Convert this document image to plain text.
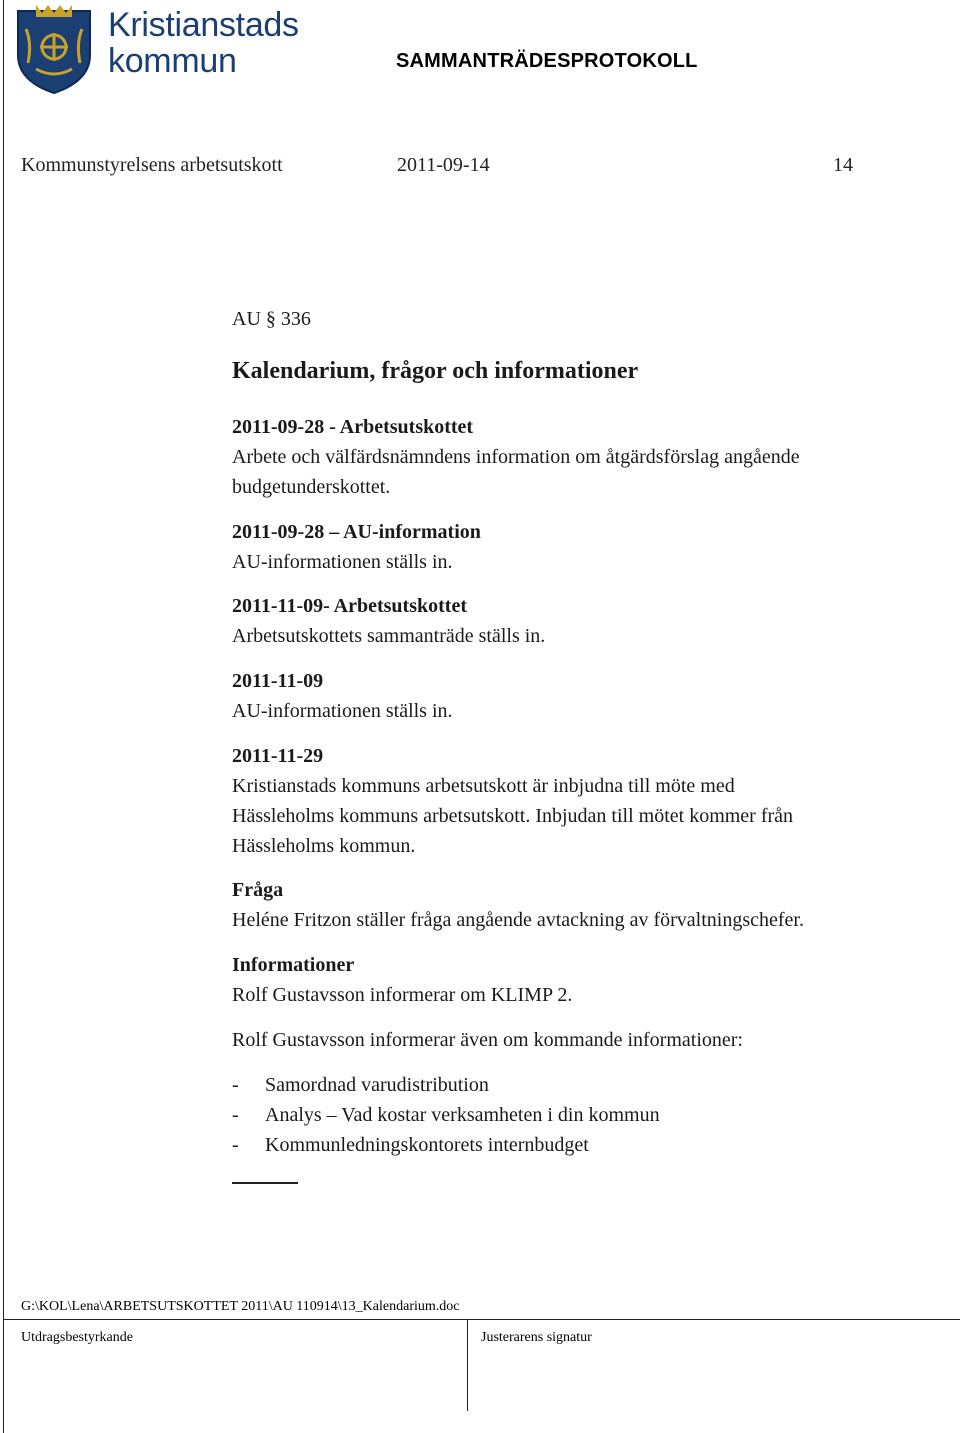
Kristianstads
kommun	SAMMANTRÄDESPROTOKOLL
Kommunstyrelsens arbetsutskott	2011-09-14	14
AU § 336
Kalendarium, frågor och informationer
2011-09-28 - Arbetsutskottet
Arbete och välfärdsnämndens information om åtgärdsförslag angående
budgetunderskottet.
2011-09-28 – AU-information
AU-informationen ställs in.
2011-11-09- Arbetsutskottet
Arbetsutskottets sammanträde ställs in.
2011-11-09
AU-informationen ställs in.
2011-11-29
Kristianstads kommuns arbetsutskott är inbjudna till möte med
Hässleholms kommuns arbetsutskott. Inbjudan till mötet kommer från
Hässleholms kommun.
Fråga
Heléne Fritzon ställer fråga angående avtackning av förvaltningschefer.
Informationer
Rolf Gustavsson informerar om KLIMP 2.
Rolf Gustavsson informerar även om kommande informationer:
-	Samordnad varudistribution
-	Analys – Vad kostar verksamheten i din kommun
-	Kommunledningskontorets internbudget
G:\KOL\Lena\ARBETSUTSKOTTET 2011\AU 110914\13_Kalendarium.doc
Utdragsbestyrkande	Justerarens signatur
